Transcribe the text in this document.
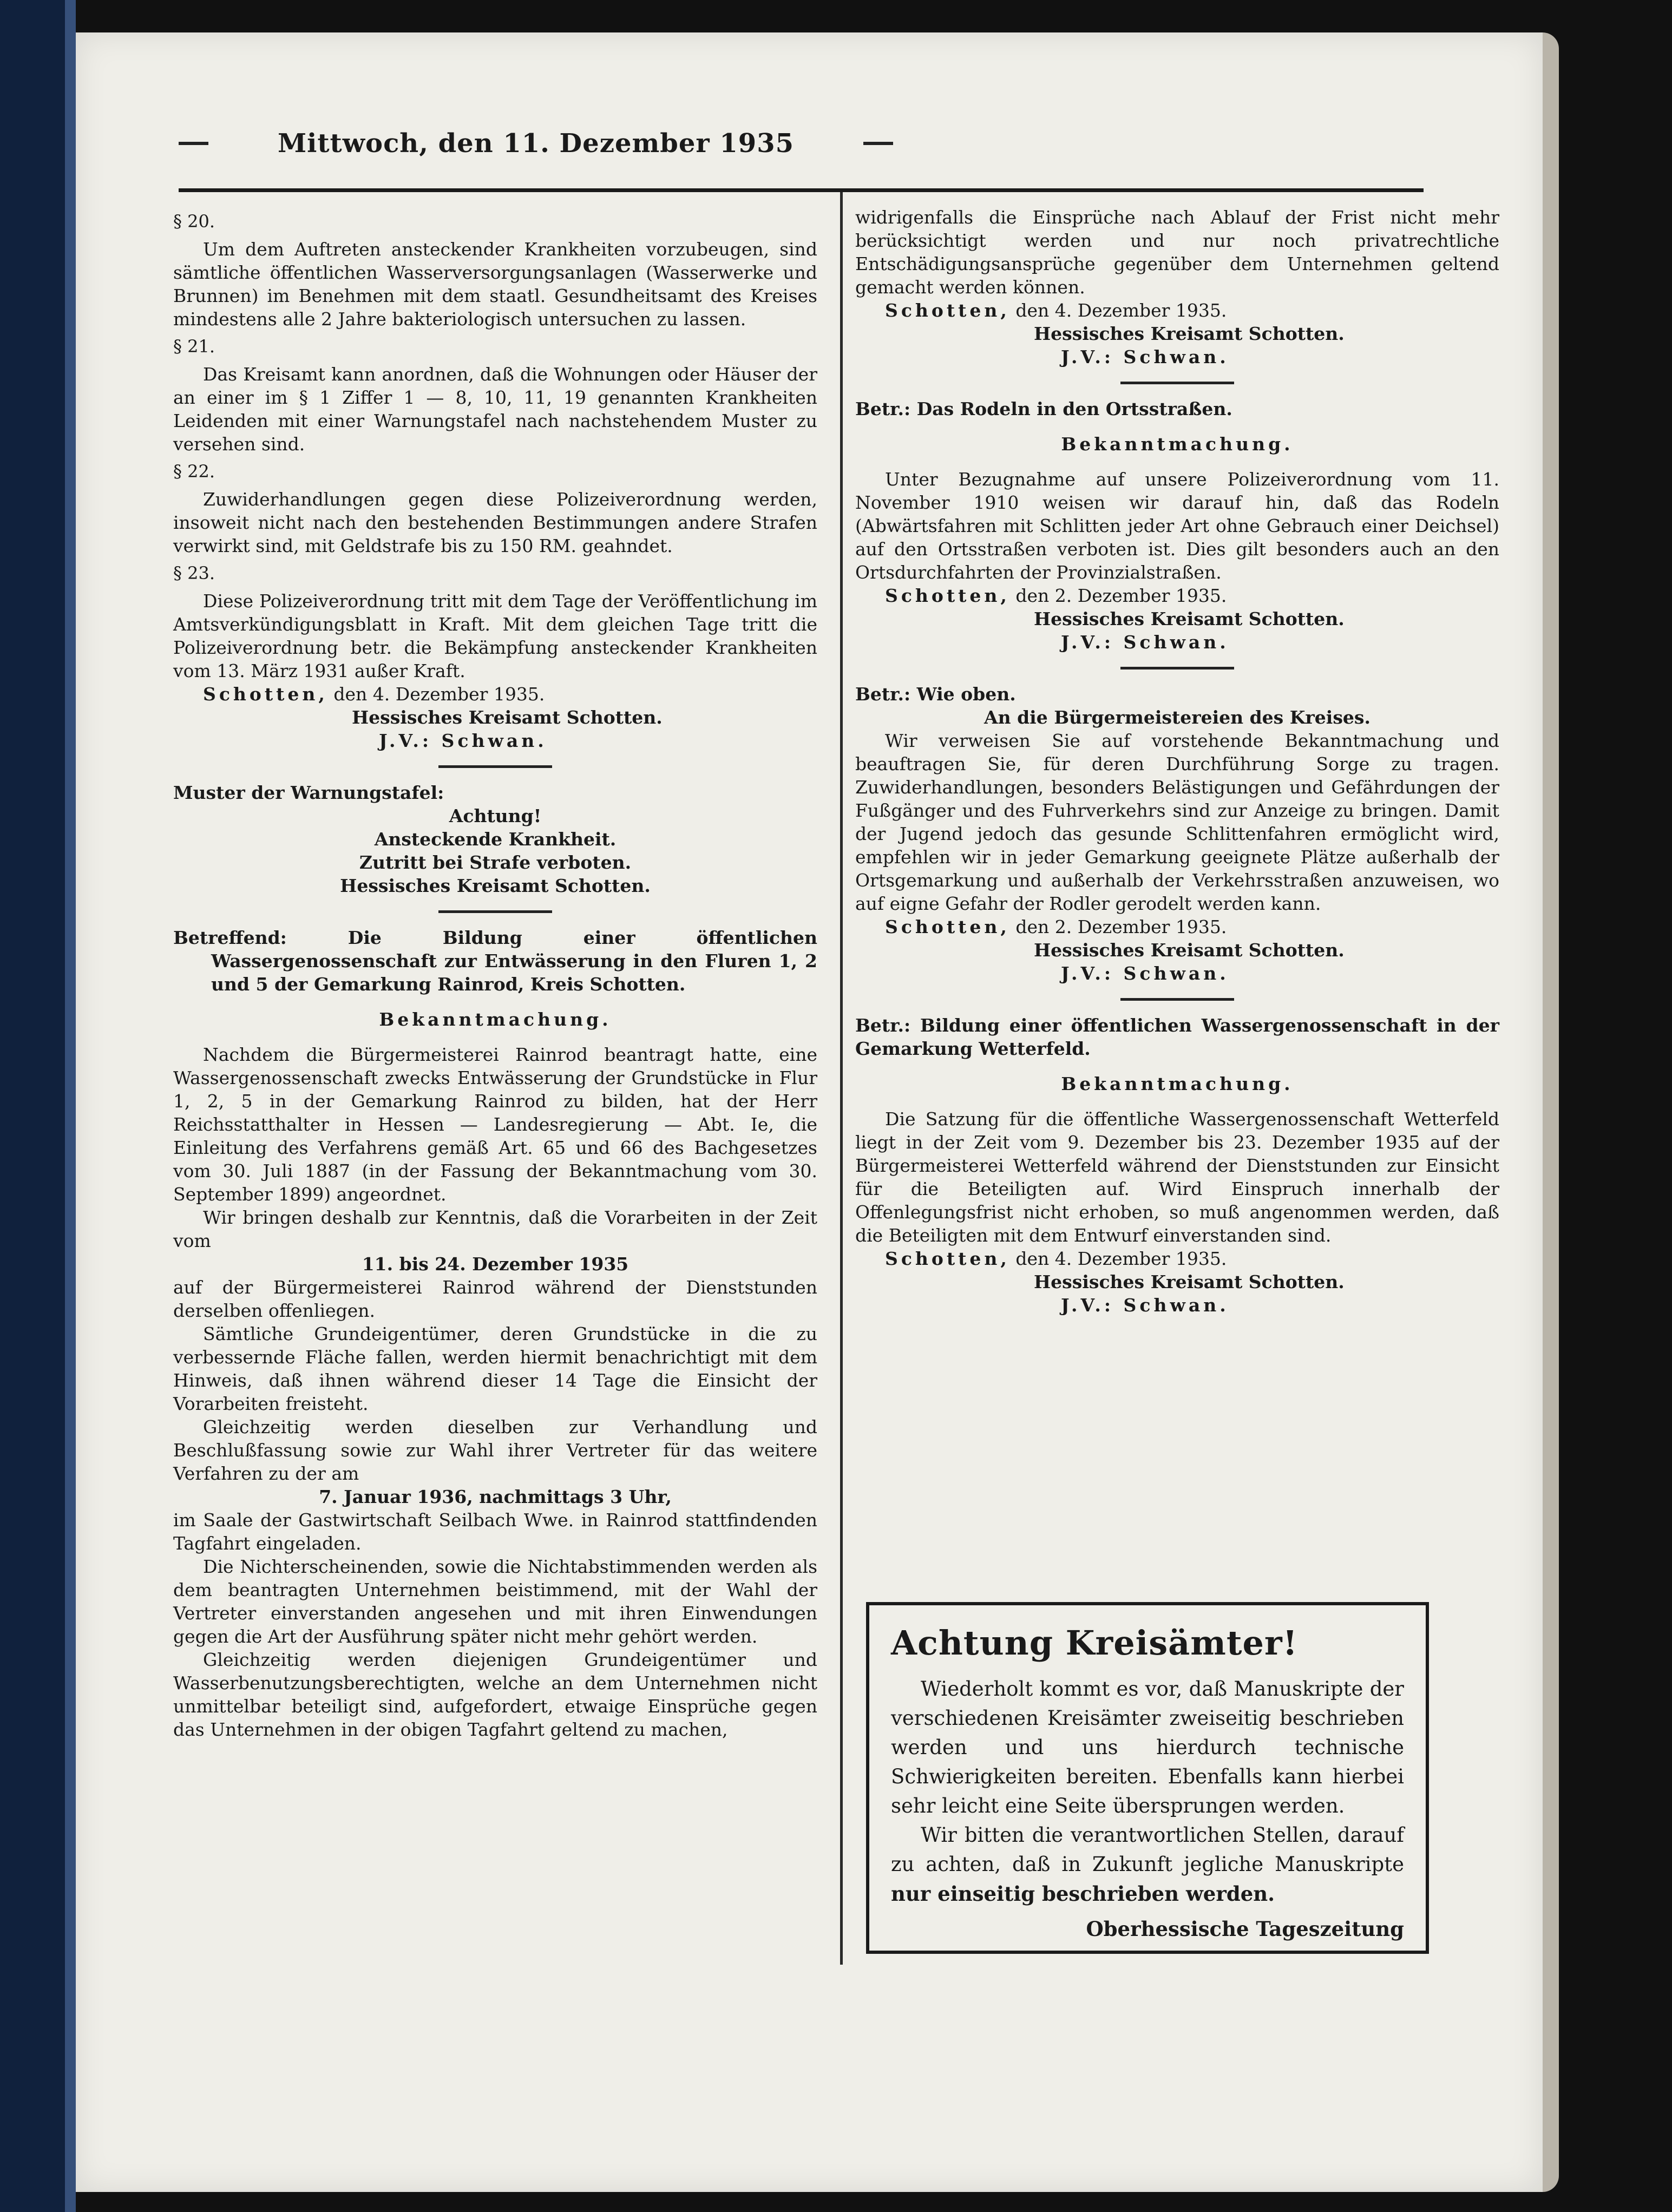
Mittwoch, den 11. Dezember 1935

§ 20.

Um dem Auftreten ansteckender Krankheiten vorzubeugen, sind sämtliche öffentlichen Wasserversorgungsanlagen (Wasserwerke und Brunnen) im Benehmen mit dem staatl. Gesundheitsamt des Kreises mindestens alle 2 Jahre bakteriologisch untersuchen zu lassen.

§ 21.

Das Kreisamt kann anordnen, daß die Wohnungen oder Häuser der an einer im § 1 Ziffer 1 — 8, 10, 11, 19 genannten Krankheiten Leidenden mit einer Warnungstafel nach nachstehendem Muster zu versehen sind.

§ 22.

Zuwiderhandlungen gegen diese Polizeiverordnung werden, insoweit nicht nach den bestehenden Bestimmungen andere Strafen verwirkt sind, mit Geldstrafe bis zu 150 RM. geahndet.

§ 23.

Diese Polizeiverordnung tritt mit dem Tage der Veröffentlichung im Amtsverkündigungsblatt in Kraft. Mit dem gleichen Tage tritt die Polizeiverordnung betr. die Bekämpfung ansteckender Krankheiten vom 13. März 1931 außer Kraft.

Schotten, den 4. Dezember 1935.

Hessisches Kreisamt Schotten.

J.V.: Schwan.

Muster der Warnungstafel:

Achtung!

Ansteckende Krankheit.

Zutritt bei Strafe verboten.

Hessisches Kreisamt Schotten.

Betreffend: Die Bildung einer öffentlichen Wassergenossenschaft zur Entwässerung in den Fluren 1, 2 und 5 der Gemarkung Rainrod, Kreis Schotten.

Bekanntmachung.

Nachdem die Bürgermeisterei Rainrod beantragt hatte, eine Wassergenossenschaft zwecks Entwässerung der Grundstücke in Flur 1, 2, 5 in der Gemarkung Rainrod zu bilden, hat der Herr Reichsstatthalter in Hessen — Landesregierung — Abt. Ie, die Einleitung des Verfahrens gemäß Art. 65 und 66 des Bachgesetzes vom 30. Juli 1887 (in der Fassung der Bekanntmachung vom 30. September 1899) angeordnet.

Wir bringen deshalb zur Kenntnis, daß die Vorarbeiten in der Zeit vom

11. bis 24. Dezember 1935

auf der Bürgermeisterei Rainrod während der Dienststunden derselben offenliegen.

Sämtliche Grundeigentümer, deren Grundstücke in die zu verbessernde Fläche fallen, werden hiermit benachrichtigt mit dem Hinweis, daß ihnen während dieser 14 Tage die Einsicht der Vorarbeiten freisteht.

Gleichzeitig werden dieselben zur Verhandlung und Beschlußfassung sowie zur Wahl ihrer Vertreter für das weitere Verfahren zu der am

7. Januar 1936, nachmittags 3 Uhr,

im Saale der Gastwirtschaft Seilbach Wwe. in Rainrod stattfindenden Tagfahrt eingeladen.

Die Nichterscheinenden, sowie die Nichtabstimmenden werden als dem beantragten Unternehmen beistimmend, mit der Wahl der Vertreter einverstanden angesehen und mit ihren Einwendungen gegen die Art der Ausführung später nicht mehr gehört werden.

Gleichzeitig werden diejenigen Grundeigentümer und Wasserbenutzungsberechtigten, welche an dem Unternehmen nicht unmittelbar beteiligt sind, aufgefordert, etwaige Einsprüche gegen das Unternehmen in der obigen Tagfahrt geltend zu machen,

widrigenfalls die Einsprüche nach Ablauf der Frist nicht mehr berücksichtigt werden und nur noch privatrechtliche Entschädigungsansprüche gegenüber dem Unternehmen geltend gemacht werden können.

Schotten, den 4. Dezember 1935.

Hessisches Kreisamt Schotten.

J.V.: Schwan.

Betr.: Das Rodeln in den Ortsstraßen.

Bekanntmachung.

Unter Bezugnahme auf unsere Polizeiverordnung vom 11. November 1910 weisen wir darauf hin, daß das Rodeln (Abwärtsfahren mit Schlitten jeder Art ohne Gebrauch einer Deichsel) auf den Ortsstraßen verboten ist. Dies gilt besonders auch an den Ortsdurchfahrten der Provinzialstraßen.

Schotten, den 2. Dezember 1935.

Hessisches Kreisamt Schotten.

J.V.: Schwan.

Betr.: Wie oben.

An die Bürgermeistereien des Kreises.

Wir verweisen Sie auf vorstehende Bekanntmachung und beauftragen Sie, für deren Durchführung Sorge zu tragen. Zuwiderhandlungen, besonders Belästigungen und Gefährdungen der Fußgänger und des Fuhrverkehrs sind zur Anzeige zu bringen. Damit der Jugend jedoch das gesunde Schlittenfahren ermöglicht wird, empfehlen wir in jeder Gemarkung geeignete Plätze außerhalb der Ortsgemarkung und außerhalb der Verkehrsstraßen anzuweisen, wo auf eigne Gefahr der Rodler gerodelt werden kann.

Schotten, den 2. Dezember 1935.

Hessisches Kreisamt Schotten.

J.V.: Schwan.

Betr.: Bildung einer öffentlichen Wassergenossenschaft in der Gemarkung Wetterfeld.

Bekanntmachung.

Die Satzung für die öffentliche Wassergenossenschaft Wetterfeld liegt in der Zeit vom 9. Dezember bis 23. Dezember 1935 auf der Bürgermeisterei Wetterfeld während der Dienststunden zur Einsicht für die Beteiligten auf. Wird Einspruch innerhalb der Offenlegungsfrist nicht erhoben, so muß angenommen werden, daß die Beteiligten mit dem Entwurf einverstanden sind.

Schotten, den 4. Dezember 1935.

Hessisches Kreisamt Schotten.

J.V.: Schwan.

Achtung Kreisämter!

Wiederholt kommt es vor, daß Manuskripte der verschiedenen Kreisämter zweiseitig beschrieben werden und uns hierdurch technische Schwierigkeiten bereiten. Ebenfalls kann hierbei sehr leicht eine Seite übersprungen werden.

Wir bitten die verantwortlichen Stellen, darauf zu achten, daß in Zukunft jegliche Manuskripte nur einseitig beschrieben werden.

Oberhessische Tageszeitung
